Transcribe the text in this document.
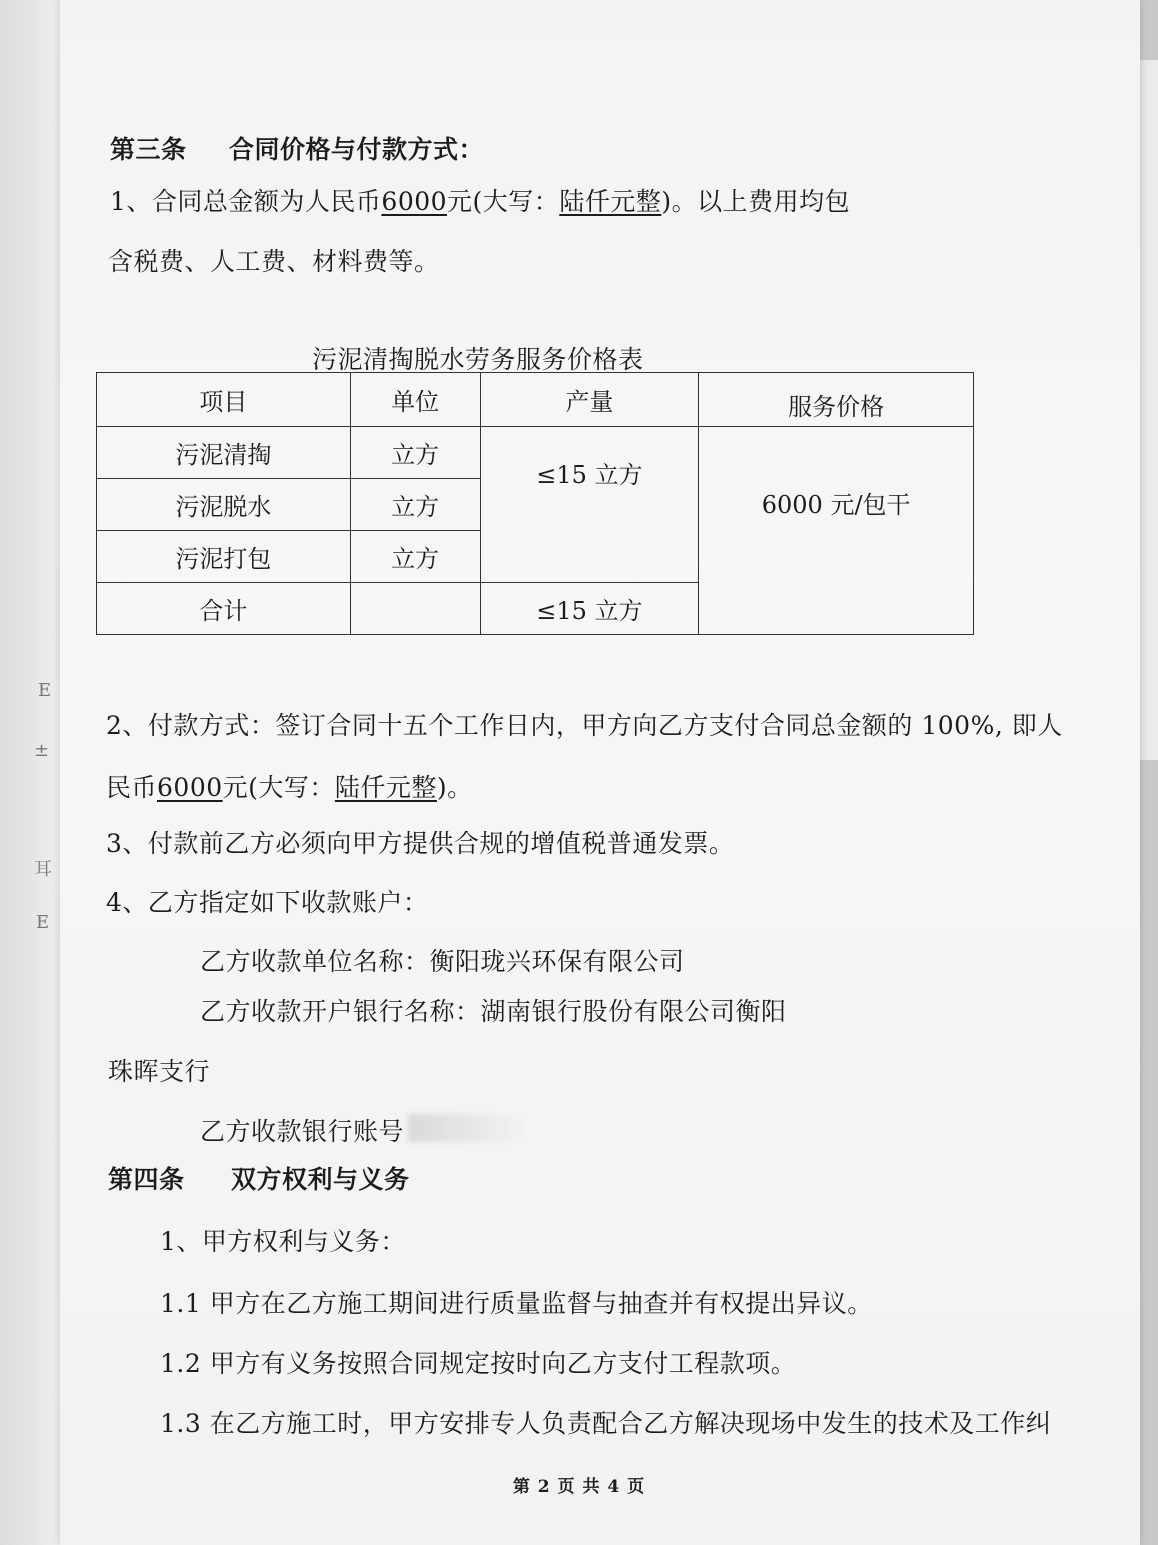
E
±
耳
E
第三条 合同价格与付款方式：
1、合同总金额为人民币6000元(大写：陆仟元整)。以上费用均包
含税费、人工费、材料费等。
污泥清掏脱水劳务服务价格表
项目	单位	产量	服务价格
污泥清掏	立方	≤15 立方	6000 元/包干
污泥脱水	立方		
污泥打包	立方		
合计		≤15 立方	
2、付款方式：签订合同十五个工作日内，甲方向乙方支付合同总金额的 100%, 即人
民币6000元(大写：陆仟元整)。
3、付款前乙方必须向甲方提供合规的增值税普通发票。
4、乙方指定如下收款账户：
乙方收款单位名称：衡阳珑兴环保有限公司
乙方收款开户银行名称：湖南银行股份有限公司衡阳
珠晖支行
乙方收款银行账号
第四条 双方权利与义务
1、甲方权利与义务：
1.1 甲方在乙方施工期间进行质量监督与抽查并有权提出异议。
1.2 甲方有义务按照合同规定按时向乙方支付工程款项。
1.3 在乙方施工时，甲方安排专人负责配合乙方解决现场中发生的技术及工作纠
第 2 页 共 4 页
